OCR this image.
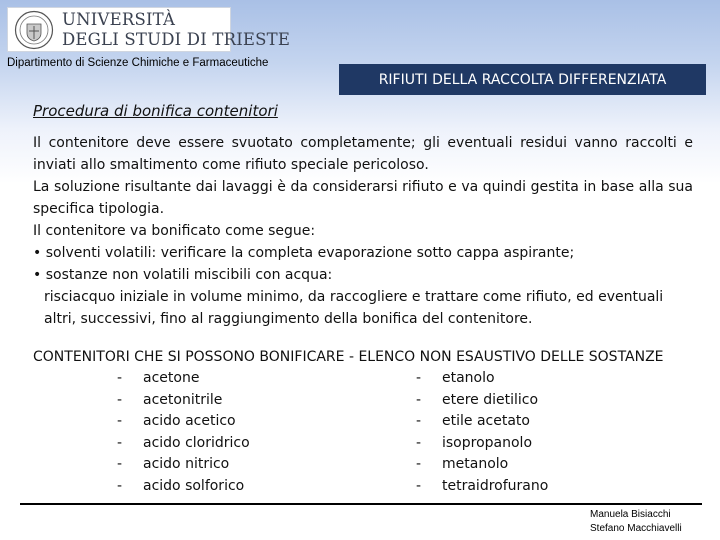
UNIVERSITÀ
DEGLI STUDI DI TRIESTE
Dipartimento di Scienze Chimiche e Farmaceutiche
RIFIUTI DELLA RACCOLTA DIFFERENZIATA
Procedura di bonifica contenitori

Il contenitore deve essere svuotato completamente; gli eventuali residui vanno raccolti e inviati allo smaltimento come rifiuto speciale pericoloso.

La soluzione risultante dai lavaggi è da considerarsi rifiuto e va quindi gestita in base alla sua specifica tipologia.

Il contenitore va bonificato come segue:

• solventi volatili: verificare la completa evaporazione sotto cappa aspirante;

• sostanze non volatili miscibili con acqua:

risciacquo iniziale in volume minimo, da raccogliere e trattare come rifiuto, ed eventuali altri, successivi, fino al raggiungimento della bonifica del contenitore.

CONTENITORI CHE SI POSSONO BONIFICARE - ELENCO NON ESAUSTIVO DELLE SOSTANZE
-	acetone
-	acetonitrile
-	acido acetico
-	acido cloridrico
-	acido nitrico
-	acido solforico
-	etanolo
-	etere dietilico
-	etile acetato
-	isopropanolo
-	metanolo
-	tetraidrofurano
Manuela Bisiacchi
Stefano Macchiavelli
